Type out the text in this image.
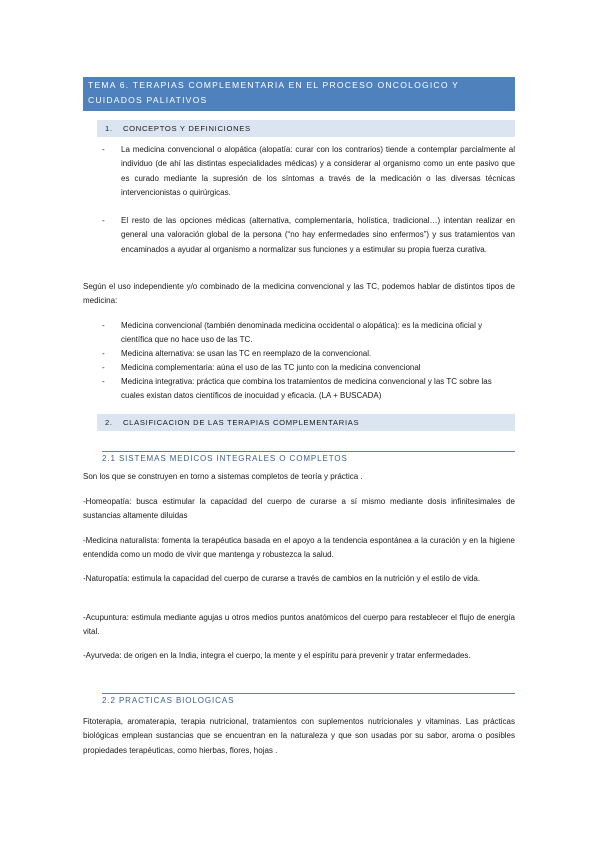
TEMA 6. TERAPIAS COMPLEMENTARIA EN EL PROCESO ONCOLOGICO Y CUIDADOS PALIATIVOS
1. CONCEPTOS Y DEFINICIONES
- La medicina convencional o alopática (alopatía: curar con los contrarios) tiende a contemplar parcialmente al individuo (de ahí las distintas especialidades médicas) y a considerar al organismo como un ente pasivo que es curado mediante la supresión de los síntomas a través de la medicación o las diversas técnicas intervencionistas o quirúrgicas.
- El resto de las opciones médicas (alternativa, complementaria, holística, tradicional…) intentan realizar en general una valoración global de la persona (“no hay enfermedades sino enfermos”) y sus tratamientos van encaminados a ayudar al organismo a normalizar sus funciones y a estimular su propia fuerza curativa.
Según el uso independiente y/o combinado de la medicina convencional y las TC, podemos hablar de distintos tipos de medicina:
- Medicina convencional (también denominada medicina occidental o alopática): es la medicina oficial y científica que no hace uso de las TC.
- Medicina alternativa: se usan las TC en reemplazo de la convencional.
- Medicina complementaria: aúna el uso de las TC junto con la medicina convencional
- Medicina integrativa: práctica que combina los tratamientos de medicina convencional y las TC sobre las cuales existan datos científicos de inocuidad y eficacia. (LA + BUSCADA)
2. CLASIFICACION DE LAS TERAPIAS COMPLEMENTARIAS
2.1 SISTEMAS MEDICOS INTEGRALES O COMPLETOS
Son los que se construyen en torno a sistemas completos de teoría y práctica .
-Homeopatía: busca estimular la capacidad del cuerpo de curarse a sí mismo mediante dosis infinitesimales de sustancias altamente diluidas
-Medicina naturalista: fomenta la terapéutica basada en el apoyo a la tendencia espontánea a la curación y en la higiene entendida como un modo de vivir que mantenga y robustezca la salud.
-Naturopatía: estimula la capacidad del cuerpo de curarse a través de cambios en la nutrición y el estilo de vida.
-Acupuntura: estimula mediante agujas u otros medios puntos anatómicos del cuerpo para restablecer el flujo de energía vital.
-Ayurveda: de origen en la India, integra el cuerpo, la mente y el espíritu para prevenir y tratar enfermedades.
2.2 PRACTICAS BIOLOGICAS
Fitoterapia, aromaterapia, terapia nutricional, tratamientos con suplementos nutricionales y vitaminas. Las prácticas biológicas emplean sustancias que se encuentran en la naturaleza y que son usadas por su sabor, aroma o posibles propiedades terapéuticas, como hierbas, flores, hojas .
